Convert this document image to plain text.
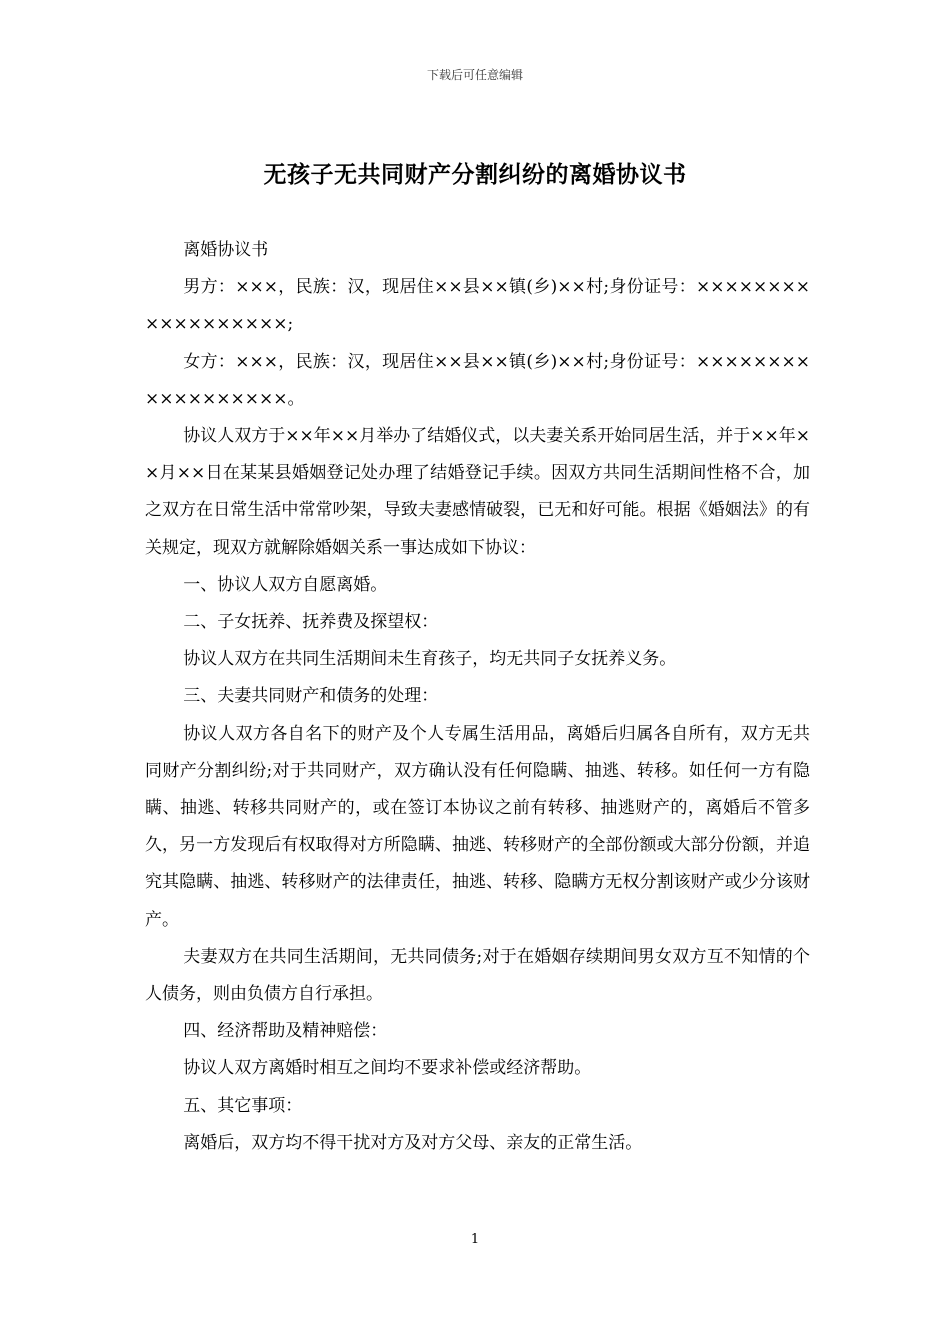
下载后可任意编辑
无孩子无共同财产分割纠纷的离婚协议书

离婚协议书

男方：×××，民族：汉，现居住××县××镇(乡)××村;身份证号：××××××××××××××××××;

女方：×××，民族：汉，现居住××县××镇(乡)××村;身份证号：××××××××××××××××××。

协议人双方于××年××月举办了结婚仪式，以夫妻关系开始同居生活，并于××年××月××日在某某县婚姻登记处办理了结婚登记手续。因双方共同生活期间性格不合，加之双方在日常生活中常常吵架，导致夫妻感情破裂，已无和好可能。根据《婚姻法》的有关规定，现双方就解除婚姻关系一事达成如下协议：

一、协议人双方自愿离婚。

二、子女抚养、抚养费及探望权：

协议人双方在共同生活期间未生育孩子，均无共同子女抚养义务。

三、夫妻共同财产和债务的处理：

协议人双方各自名下的财产及个人专属生活用品，离婚后归属各自所有，双方无共同财产分割纠纷;对于共同财产，双方确认没有任何隐瞒、抽逃、转移。如任何一方有隐瞒、抽逃、转移共同财产的，或在签订本协议之前有转移、抽逃财产的，离婚后不管多久，另一方发现后有权取得对方所隐瞒、抽逃、转移财产的全部份额或大部分份额，并追究其隐瞒、抽逃、转移财产的法律责任，抽逃、转移、隐瞒方无权分割该财产或少分该财产。

夫妻双方在共同生活期间，无共同债务;对于在婚姻存续期间男女双方互不知情的个人债务，则由负债方自行承担。

四、经济帮助及精神赔偿：

协议人双方离婚时相互之间均不要求补偿或经济帮助。

五、其它事项：

离婚后，双方均不得干扰对方及对方父母、亲友的正常生活。

1
